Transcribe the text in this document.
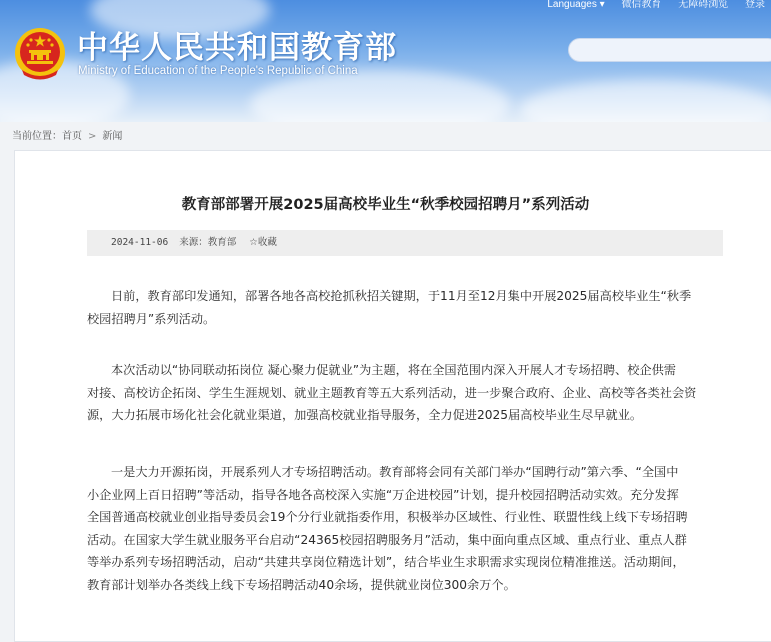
中华人民共和国教育部
Ministry of Education of the People's Republic of China
Languages ▾ 微信教育 无障碍浏览 登录
当前位置：首页 > 新闻
教育部部署开展2025届高校毕业生“秋季校园招聘月”系列活动
2024-11-06 来源：教育部 ☆收藏
日前，教育部印发通知，部署各地各高校抢抓秋招关键期，于11月至12月集中开展2025届高校毕业生“秋季
校园招聘月”系列活动。
本次活动以“协同联动拓岗位 凝心聚力促就业”为主题，将在全国范围内深入开展人才专场招聘、校企供需
对接、高校访企拓岗、学生生涯规划、就业主题教育等五大系列活动，进一步聚合政府、企业、高校等各类社会资
源，大力拓展市场化社会化就业渠道，加强高校就业指导服务，全力促进2025届高校毕业生尽早就业。
一是大力开源拓岗，开展系列人才专场招聘活动。教育部将会同有关部门举办“国聘行动”第六季、“全国中
小企业网上百日招聘”等活动，指导各地各高校深入实施“万企进校园”计划，提升校园招聘活动实效。充分发挥
全国普通高校就业创业指导委员会19个分行业就指委作用，积极举办区域性、行业性、联盟性线上线下专场招聘
活动。在国家大学生就业服务平台启动“24365校园招聘服务月”活动，集中面向重点区域、重点行业、重点人群
等举办系列专场招聘活动，启动“共建共享岗位精选计划”，结合毕业生求职需求实现岗位精准推送。活动期间，
教育部计划举办各类线上线下专场招聘活动40余场，提供就业岗位300余万个。
